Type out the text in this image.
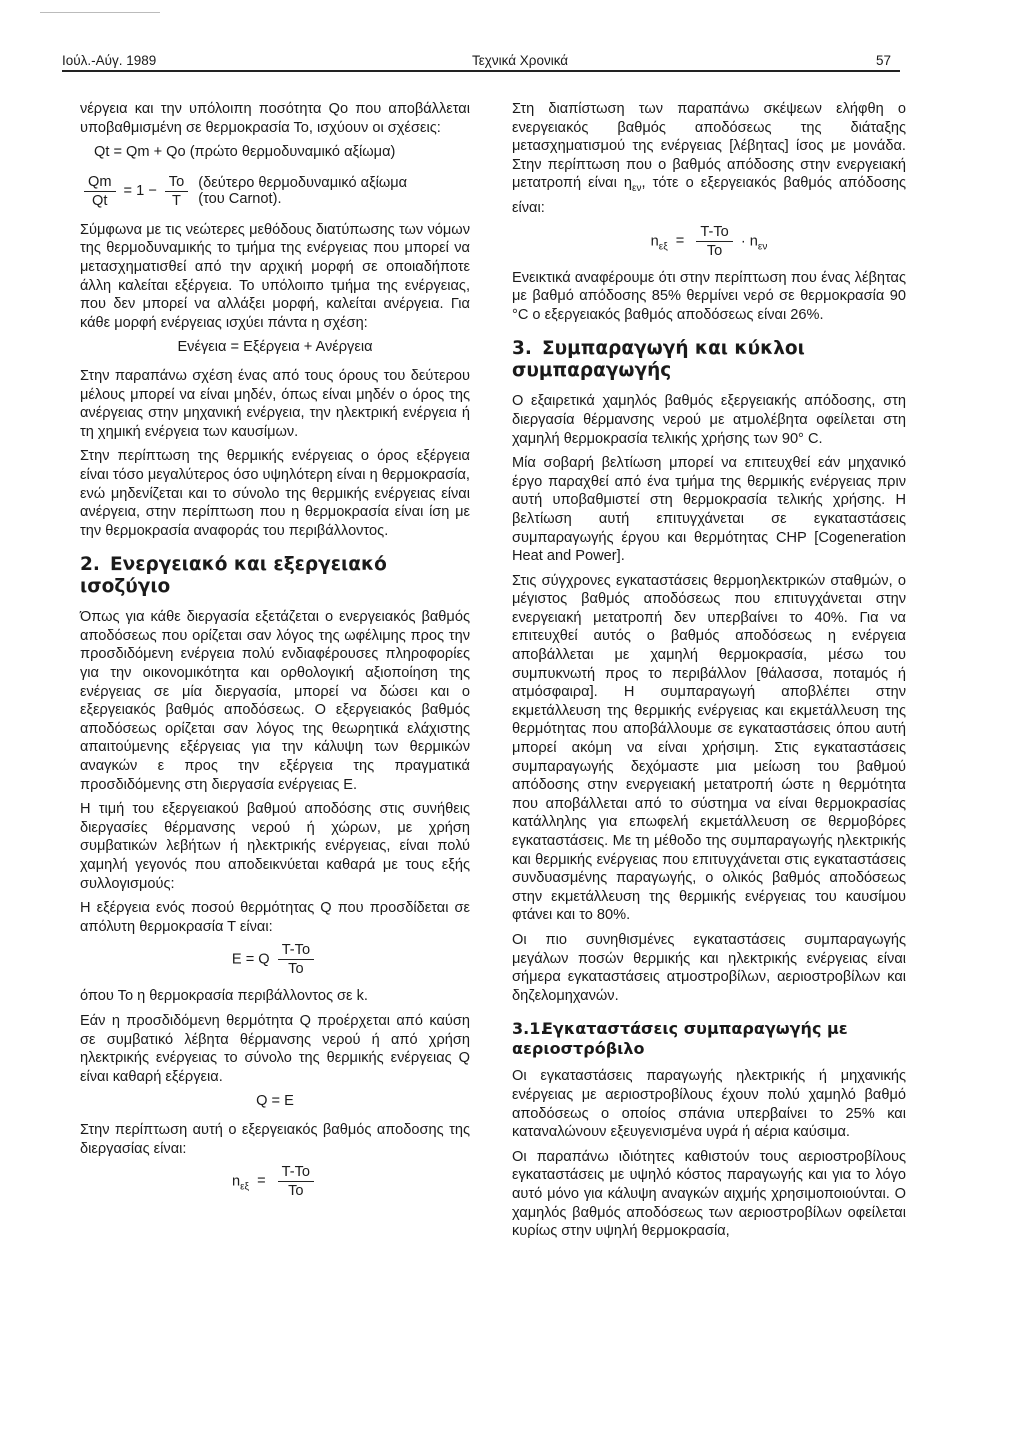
Ιούλ.-Αύγ. 1989	Τεχνικά Χρονικά	57

νέργεια και την υπόλοιπη ποσότητα Qo που αποβάλλεται υποβαθμισμένη σε θερμοκρασία Το, ισχύουν οι σχέσεις:

Qt = Qm + Qo (πρώτο θερμοδυναμικό αξίωμα)
$\frac{Qm}{Qt} = 1 - \frac{To}{T} (\delta\varepsilon ύ\tau\varepsilon\rho o$ θερμοδυναμικό αξίωμα
(του Carnot).

Σύμφωνα με τις νεώτερες μεθόδους διατύπωσης των νόμων της θερμοδυναμικής το τμήμα της ενέργειας που μπορεί να μετασχηματισθεί από την αρχική μορφή σε οποιαδήποτε άλλη καλείται εξέργεια. Το υπόλοιπο τμήμα της ενέργειας, που δεν μπορεί να αλλάξει μορφή, καλείται ανέργεια. Για κάθε μορφή ενέργειας ισχύει πάντα η σχέση:

Ενέγεια = Εξέργεια + Ανέργεια

Στην παραπάνω σχέση ένας από τους όρους του δεύτερου μέλους μπορεί να είναι μηδέν, όπως είναι μηδέν ο όρος της ανέργειας στην μηχανική ενέργεια, την ηλεκτρική ενέργεια ή τη χημική ενέργεια των καυσίμων.

Στην περίπτωση της θερμικής ενέργειας ο όρος εξέργεια είναι τόσο μεγαλύτερος όσο υψηλότερη είναι η θερμοκρασία, ενώ μηδενίζεται και το σύνολο της θερμικής ενέργειας είναι ανέργεια, στην περίπτωση που η θερμοκρασία είναι ίση με την θερμοκρασία αναφοράς του περιβάλλοντος.

2. Ενεργειακό και εξεργειακό ισοζύγιο

Όπως για κάθε διεργασία εξετάζεται ο ενεργειακός βαθμός αποδόσεως που ορίζεται σαν λόγος της ωφέλιμης προς την προσδιδόμενη ενέργεια πολύ ενδιαφέρουσες πληροφορίες για την οικονομικότητα και ορθολογική αξιοποίηση της ενέργειας σε μία διεργασία, μπορεί να δώσει και ο εξεργειακός βαθμός αποδόσεως. Ο εξεργειακός βαθμός αποδόσεως ορίζεται σαν λόγος της θεωρητικά ελάχιστης απαιτούμενης εξέργειας για την κάλυψη των θερμικών αναγκών ε προς την εξέργεια της πραγματικά προσδιδόμενης στη διεργασία ενέργειας Ε.

Η τιμή του εξεργειακού βαθμού αποδόσης στις συνήθεις διεργασίες θέρμανσης νερού ή χώρων, με χρήση συμβατικών λεβήτων ή ηλεκτρικής ενέργειας, είναι πολύ χαμηλή γεγονός που αποδεικνύεται καθαρά με τους εξής συλλογισμούς:

Η εξέργεια ενός ποσού θερμότητας Q που προσδίδεται σε απόλυτη θερμοκρασία Τ είναι:

E = Q $\frac{T-To}{To}$

όπου Το η θερμοκρασία περιβάλλοντος σε k.

Εάν η προσδιδόμενη θερμότητα Q προέρχεται από καύση σε συμβατικό λέβητα θέρμανσης νερού ή από χρήση ηλεκτρικής ενέργειας το σύνολο της θερμικής ενέργειας Q είναι καθαρή εξέργεια.

Q = E

Στην περίπτωση αυτή ο εξεργειακός βαθμός αποδοσης της διεργασίας είναι:

$n_{\varepsilon\xi} = \frac{T-To}{To}$

Στη διαπίστωση των παραπάνω σκέψεων ελήφθη ο ενεργειακός βαθμός αποδόσεως της διάταξης μετασχηματισμού της ενέργειας [λέβητας] ίσος με μονάδα. Στην περίπτωση που ο βαθμός απόδοσης στην ενεργειακή μετατροπή είναι $\eta_{\varepsilon\nu}$, τότε ο εξεργειακός βαθμός απόδοσης είναι:

$n_{\varepsilon\xi} = \frac{T-To}{To} \cdot n_{\varepsilon\nu}$

Ενεικτικά αναφέρουμε ότι στην περίπτωση που ένας λέβητας με βαθμό απόδοσης 85% θερμίνει νερό σε θερμοκρασία 90 °C ο εξεργειακός βαθμός αποδόσεως είναι 26%.

3. Συμπαραγωγή και κύκλοι συμπαραγωγής

Ο εξαιρετικά χαμηλός βαθμός εξεργειακής απόδοσης, στη διεργασία θέρμανσης νερού με ατμολέβητα οφείλεται στη χαμηλή θερμοκρασία τελικής χρήσης των 90° C.

Μία σοβαρή βελτίωση μπορεί να επιτευχθεί εάν μηχανικό έργο παραχθεί από ένα τμήμα της θερμικής ενέργειας πριν αυτή υποβαθμιστεί στη θερμοκρασία τελικής χρήσης. Η βελτίωση αυτή επιτυγχάνεται σε εγκαταστάσεις συμπαραγωγής έργου και θερμότητας CHP [Cogeneration Heat and Power].

Στις σύγχρονες εγκαταστάσεις θερμοηλεκτρικών σταθμών, ο μέγιστος βαθμός αποδόσεως που επιτυγχάνεται στην ενεργειακή μετατροπή δεν υπερβαίνει το 40%. Για να επιτευχθεί αυτός ο βαθμός αποδόσεως η ενέργεια αποβάλλεται με χαμηλή θερμοκρασία, μέσω του συμπυκνωτή προς το περιβάλλον [θάλασσα, ποταμός ή ατμόσφαιρα]. Η συμπαραγωγή αποβλέπει στην εκμετάλλευση της θερμικής ενέργειας και εκμετάλλευση της θερμότητας που αποβάλλουμε σε εγκαταστάσεις όπου αυτή μπορεί ακόμη να είναι χρήσιμη. Στις εγκαταστάσεις συμπαραγωγής δεχόμαστε μια μείωση του βαθμού απόδοσης στην ενεργειακή μετατροπή ώστε η θερμότητα που αποβάλλεται από το σύστημα να είναι θερμοκρασίας κατάλληλης για επωφελή εκμετάλλευση σε θερμοβόρες εγκαταστάσεις. Με τη μέθοδο της συμπαραγωγής ηλεκτρικής και θερμικής ενέργειας που επιτυγχάνεται στις εγκαταστάσεις συνδυασμένης παραγωγής, ο ολικός βαθμός αποδόσεως στην εκμετάλλευση της θερμικής ενέργειας του καυσίμου φτάνει και το 80%.

Οι πιο συνηθισμένες εγκαταστάσεις συμπαραγωγής μεγάλων ποσών θερμικής και ηλεκτρικής ενέργειας είναι σήμερα εγκαταστάσεις ατμοστροβίλων, αεριοστροβίλων και δηζελομηχανών.

3.1.Εγκαταστάσεις συμπαραγωγής με αεριοστρόβιλο

Οι εγκαταστάσεις παραγωγής ηλεκτρικής ή μηχανικής ενέργειας με αεριοστροβίλους έχουν πολύ χαμηλό βαθμό αποδόσεως ο οποίος σπάνια υπερβαίνει το 25% και καταναλώνουν εξευγενισμένα υγρά ή αέρια καύσιμα.

Οι παραπάνω ιδιότητες καθιστούν τους αεριοστροβίλους εγκαταστάσεις με υψηλό κόστος παραγωγής και για το λόγο αυτό μόνο για κάλυψη αναγκών αιχμής χρησιμοποιούνται. Ο χαμηλός βαθμός αποδόσεως των αεριοστροβίλων οφείλεται κυρίως στην υψηλή θερμοκρασία,
